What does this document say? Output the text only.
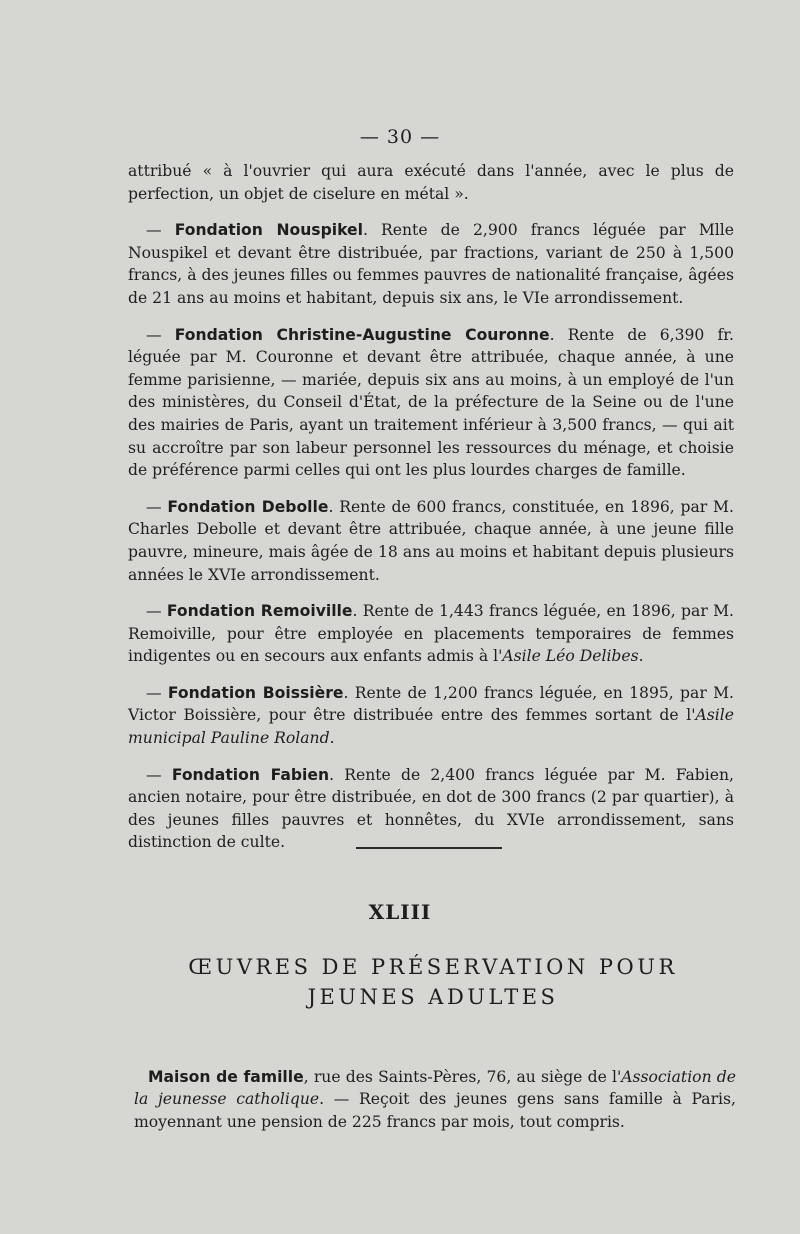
— 30 —

attribué « à l'ouvrier qui aura exécuté dans l'année, avec le plus de perfection, un objet de ciselure en métal ».

— Fondation Nouspikel. Rente de 2,900 francs léguée par Mlle Nouspikel et devant être distribuée, par fractions, variant de 250 à 1,500 francs, à des jeunes filles ou femmes pauvres de nationalité française, âgées de 21 ans au moins et habitant, depuis six ans, le VIe arrondissement.

— Fondation Christine-Augustine Couronne. Rente de 6,390 fr. léguée par M. Couronne et devant être attribuée, chaque année, à une femme parisienne, — mariée, depuis six ans au moins, à un employé de l'un des ministères, du Conseil d'État, de la préfecture de la Seine ou de l'une des mairies de Paris, ayant un traitement inférieur à 3,500 francs, — qui ait su accroître par son labeur personnel les ressources du ménage, et choisie de préférence parmi celles qui ont les plus lourdes charges de famille.

— Fondation Debolle. Rente de 600 francs, constituée, en 1896, par M. Charles Debolle et devant être attribuée, chaque année, à une jeune fille pauvre, mineure, mais âgée de 18 ans au moins et habitant depuis plusieurs années le XVIe arrondissement.

— Fondation Remoiville. Rente de 1,443 francs léguée, en 1896, par M. Remoiville, pour être employée en placements temporaires de femmes indigentes ou en secours aux enfants admis à l'Asile Léo Delibes.

— Fondation Boissière. Rente de 1,200 francs léguée, en 1895, par M. Victor Boissière, pour être distribuée entre des femmes sortant de l'Asile municipal Pauline Roland.

— Fondation Fabien. Rente de 2,400 francs léguée par M. Fabien, ancien notaire, pour être distribuée, en dot de 300 francs (2 par quartier), à des jeunes filles pauvres et honnêtes, du XVIe arrondissement, sans distinction de culte.

XLIII
ŒUVRES DE PRÉSERVATION POUR JEUNES ADULTES

Maison de famille, rue des Saints-Pères, 76, au siège de l'Association de la jeunesse catholique. — Reçoit des jeunes gens sans famille à Paris, moyennant une pension de 225 francs par mois, tout compris.
